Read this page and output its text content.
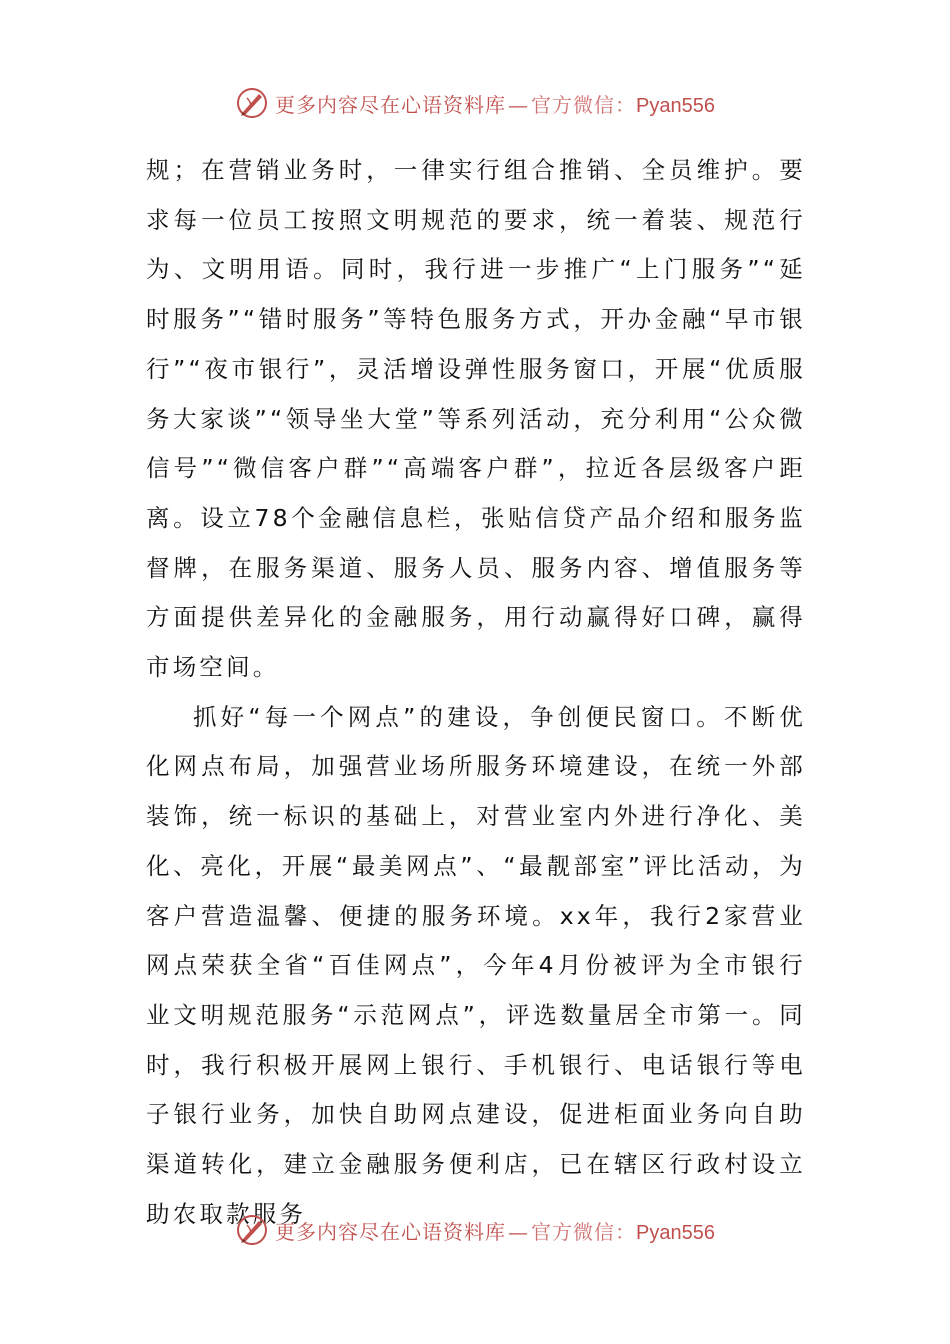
更多内容尽在心语资料库 — 官方微信：Pyan556

规；在营销业务时，一律实行组合推销、全员维护。要求每一位员工按照文明规范的要求，统一着装、规范行为、文明用语。同时，我行进一步推广“上门服务”“延时服务”“错时服务”等特色服务方式，开办金融“早市银行”“夜市银行”，灵活增设弹性服务窗口，开展“优质服务大家谈”“领导坐大堂”等系列活动，充分利用“公众微信号”“微信客户群”“高端客户群”，拉近各层级客户距离。设立78个金融信息栏，张贴信贷产品介绍和服务监督牌，在服务渠道、服务人员、服务内容、增值服务等方面提供差异化的金融服务，用行动赢得好口碑，赢得市场空间。

抓好“每一个网点”的建设，争创便民窗口。不断优化网点布局，加强营业场所服务环境建设，在统一外部装饰，统一标识的基础上，对营业室内外进行净化、美化、亮化，开展“最美网点”、“最靓部室”评比活动，为客户营造温馨、便捷的服务环境。xx年，我行2家营业网点荣获全省“百佳网点”，今年4月份被评为全市银行业文明规范服务“示范网点”，评选数量居全市第一。同时，我行积极开展网上银行、手机银行、电话银行等电子银行业务，加快自助网点建设，促进柜面业务向自助渠道转化，建立金融服务便利店，已在辖区行政村设立助农取款服务

更多内容尽在心语资料库 — 官方微信：Pyan556
